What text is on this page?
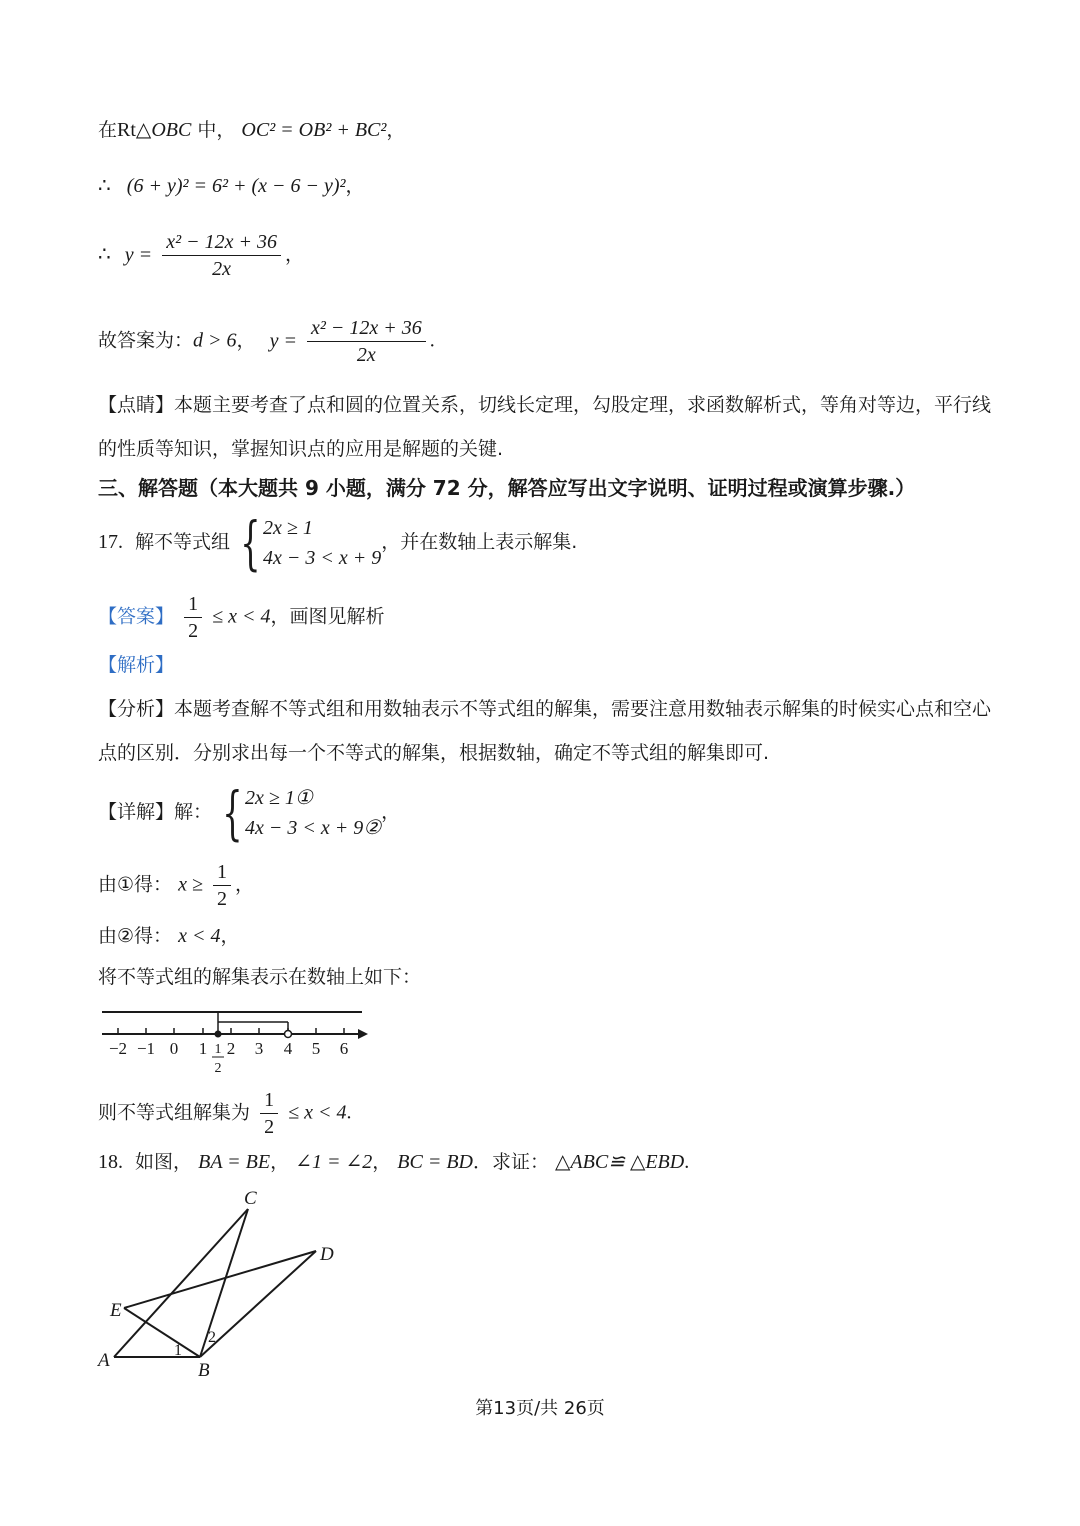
在Rt△OBC 中， OC² = OB² + BC²，
∴ (6 + y)² = 6² + (x − 6 − y)²，
∴ $y = \frac{\text{x² − 12x + 36}}{2x}$ ，
故答案为：d > 6， $y = \frac{\text{x² − 12x + 36}}{2x}$ .
【点睛】本题主要考查了点和圆的位置关系，切线长定理，勾股定理，求函数解析式，等角对等边，平行线
的性质等知识，掌握知识点的应用是解题的关键.
三、解答题（本大题共 9 小题，满分 72 分，解答应写出文字说明、证明过程或演算步骤.）
17. 解不等式组 { 2x ≥ 1
4x − 3 < x + 9
，并在数轴上表示解集.
【答案】 $\frac{1}{2} \le x < 4$，画图见解析
【解析】
【分析】本题考查解不等式组和用数轴表示不等式组的解集，需要注意用数轴表示解集的时候实心点和空心
点的区别．分别求出每一个不等式的解集，根据数轴，确定不等式组的解集即可.
【详解】解： { 2x ≥ 1①
4x − 3 < x + 9②
，
由①得： $x \ge \frac{1}{2}$ ，
由②得： x < 4，
将不等式组的解集表示在数轴上如下：
−2 −1 0 1 2 3 4 5 6
1
2
则不等式组解集为 $\frac{1}{2} \le x < 4$.
18. 如图， BA = BE， ∠1 = ∠2， BC = BD．求证： △ABC≌ △EBD.
C
D
E
A	B
1
2
第13页/共 26页
